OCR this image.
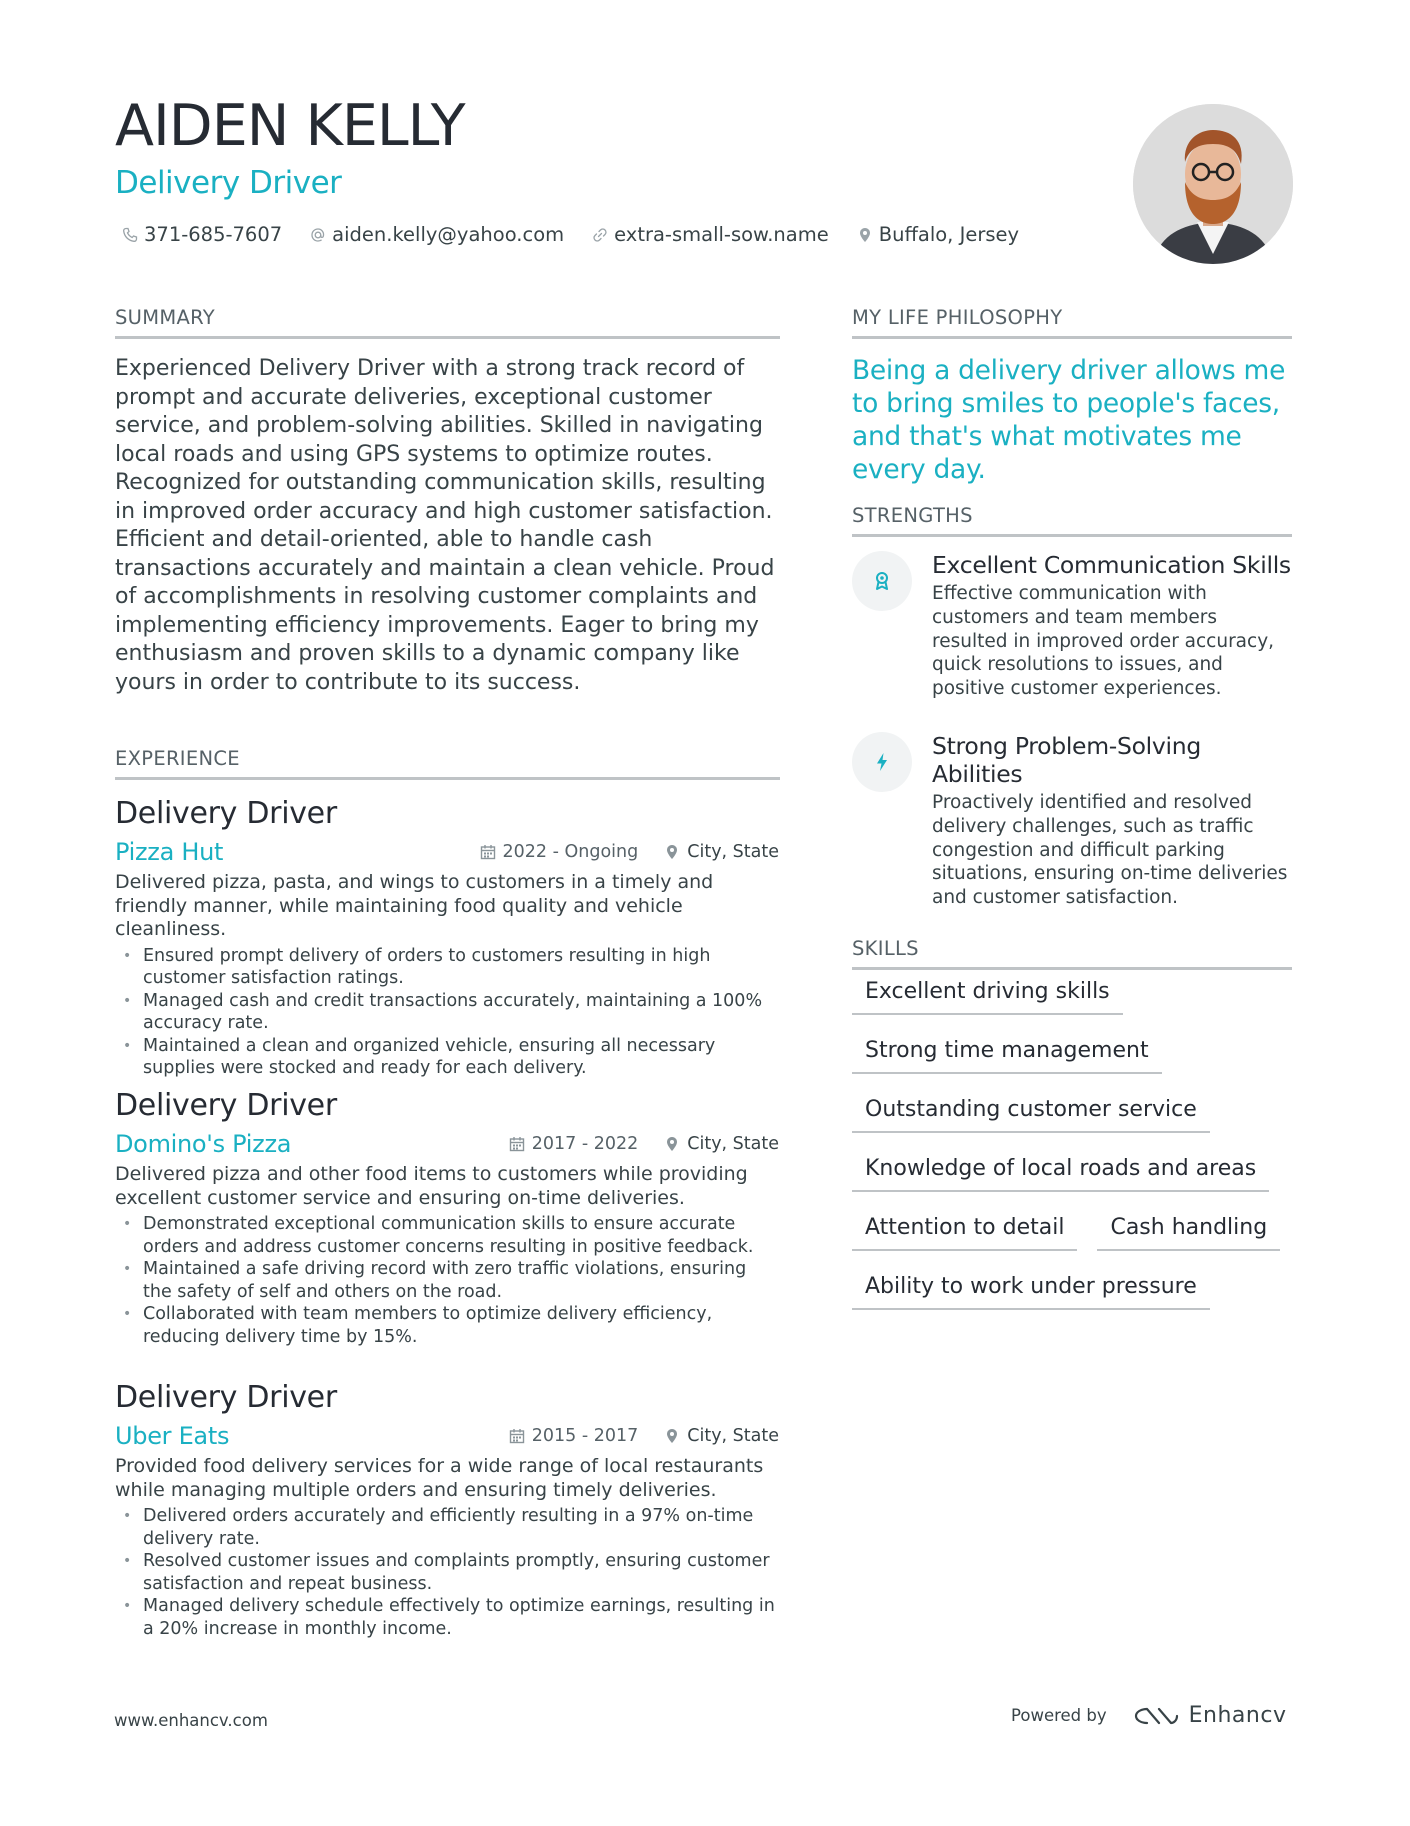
AIDEN KELLY
Delivery Driver
371-685-7607	aiden.kelly@yahoo.com	extra-small-sow.name	Buffalo, Jersey
SUMMARY

Experienced Delivery Driver with a strong track record of prompt and accurate deliveries, exceptional customer service, and problem-solving abilities. Skilled in navigating local roads and using GPS systems to optimize routes. Recognized for outstanding communication skills, resulting in improved order accuracy and high customer satisfaction. Efficient and detail-oriented, able to handle cash transactions accurately and maintain a clean vehicle. Proud of accomplishments in resolving customer complaints and implementing efficiency improvements. Eager to bring my enthusiasm and proven skills to a dynamic company like yours in order to contribute to its success.

EXPERIENCE
Delivery Driver
Pizza Hut	2022 - Ongoing	City, State
Delivered pizza, pasta, and wings to customers in a timely and friendly manner, while maintaining food quality and vehicle cleanliness.
• Ensured prompt delivery of orders to customers resulting in high customer satisfaction ratings.
• Managed cash and credit transactions accurately, maintaining a 100% accuracy rate.
• Maintained a clean and organized vehicle, ensuring all necessary supplies were stocked and ready for each delivery.
Delivery Driver
Domino's Pizza	2017 - 2022	City, State
Delivered pizza and other food items to customers while providing excellent customer service and ensuring on-time deliveries.
• Demonstrated exceptional communication skills to ensure accurate orders and address customer concerns resulting in positive feedback.
• Maintained a safe driving record with zero traffic violations, ensuring the safety of self and others on the road.
• Collaborated with team members to optimize delivery efficiency, reducing delivery time by 15%.
Delivery Driver
Uber Eats	2015 - 2017	City, State
Provided food delivery services for a wide range of local restaurants while managing multiple orders and ensuring timely deliveries.
• Delivered orders accurately and efficiently resulting in a 97% on-time delivery rate.
• Resolved customer issues and complaints promptly, ensuring customer satisfaction and repeat business.
• Managed delivery schedule effectively to optimize earnings, resulting in a 20% increase in monthly income.
MY LIFE PHILOSOPHY
Being a delivery driver allows me to bring smiles to people's faces, and that's what motivates me every day.
STRENGTHS
Excellent Communication Skills
Effective communication with customers and team members resulted in improved order accuracy, quick resolutions to issues, and positive customer experiences.
Strong Problem-Solving Abilities
Proactively identified and resolved delivery challenges, such as traffic congestion and difficult parking situations, ensuring on-time deliveries and customer satisfaction.
SKILLS
Excellent driving skills
Strong time management
Outstanding customer service
Knowledge of local roads and areas
Attention to detail	Cash handling
Ability to work under pressure
www.enhancv.com	Powered by	Enhancv
